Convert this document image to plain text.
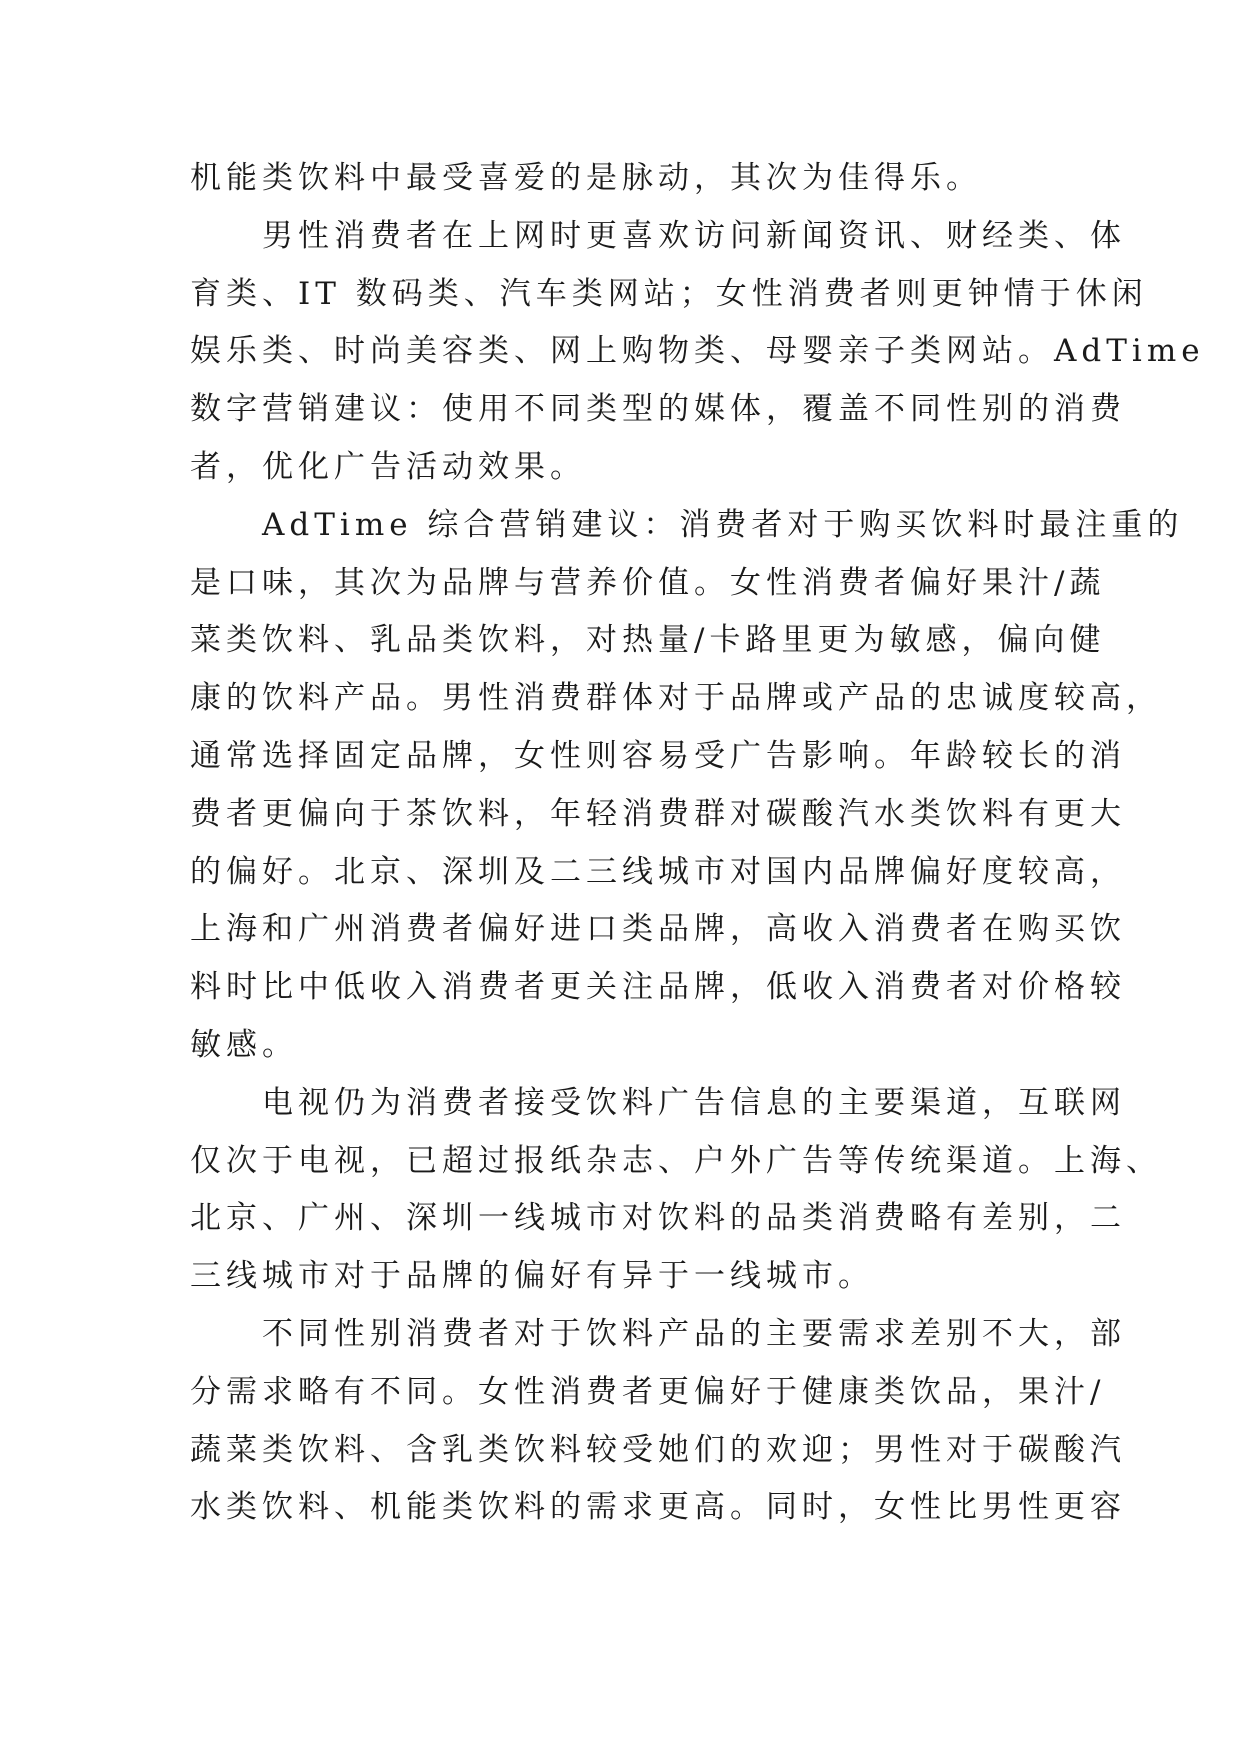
机能类饮料中最受喜爱的是脉动，其次为佳得乐。
　　男性消费者在上网时更喜欢访问新闻资讯、财经类、体
育类、IT 数码类、汽车类网站；女性消费者则更钟情于休闲
娱乐类、时尚美容类、网上购物类、母婴亲子类网站。AdTime
数字营销建议：使用不同类型的媒体，覆盖不同性别的消费
者，优化广告活动效果。
　　AdTime 综合营销建议：消费者对于购买饮料时最注重的
是口味，其次为品牌与营养价值。女性消费者偏好果汁/蔬
菜类饮料、乳品类饮料，对热量/卡路里更为敏感，偏向健
康的饮料产品。男性消费群体对于品牌或产品的忠诚度较高，
通常选择固定品牌，女性则容易受广告影响。年龄较长的消
费者更偏向于茶饮料，年轻消费群对碳酸汽水类饮料有更大
的偏好。北京、深圳及二三线城市对国内品牌偏好度较高，
上海和广州消费者偏好进口类品牌，高收入消费者在购买饮
料时比中低收入消费者更关注品牌，低收入消费者对价格较
敏感。
　　电视仍为消费者接受饮料广告信息的主要渠道，互联网
仅次于电视，已超过报纸杂志、户外广告等传统渠道。上海、
北京、广州、深圳一线城市对饮料的品类消费略有差别，二
三线城市对于品牌的偏好有异于一线城市。
　　不同性别消费者对于饮料产品的主要需求差别不大，部
分需求略有不同。女性消费者更偏好于健康类饮品，果汁/
蔬菜类饮料、含乳类饮料较受她们的欢迎；男性对于碳酸汽
水类饮料、机能类饮料的需求更高。同时，女性比男性更容
